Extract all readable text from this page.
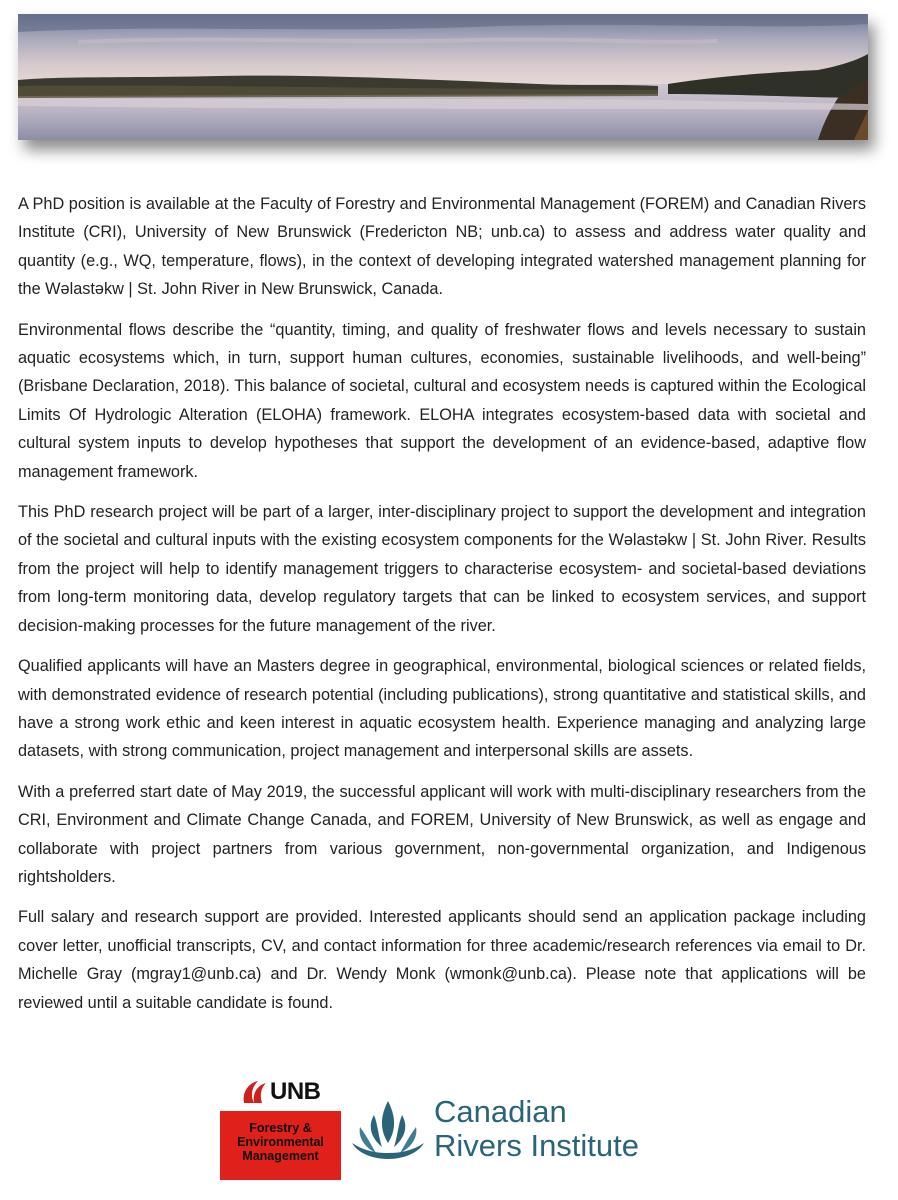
A PhD position is available at the Faculty of Forestry and Environmental Management (FOREM) and Canadian Rivers Institute (CRI), University of New Brunswick (Fredericton NB; unb.ca) to assess and address water quality and quantity (e.g., WQ, temperature, flows), in the context of developing integrated watershed management planning for the Wəlastəkw | St. John River in New Brunswick, Canada.

Environmental flows describe the “quantity, timing, and quality of freshwater flows and levels necessary to sustain aquatic ecosystems which, in turn, support human cultures, economies, sustainable livelihoods, and well-being” (Brisbane Declaration, 2018). This balance of societal, cultural and ecosystem needs is captured within the Ecological Limits Of Hydrologic Alteration (ELOHA) framework. ELOHA integrates ecosystem-based data with societal and cultural system inputs to develop hypotheses that support the development of an evidence-based, adaptive flow management framework.

This PhD research project will be part of a larger, inter-disciplinary project to support the development and integration of the societal and cultural inputs with the existing ecosystem components for the Wəlastəkw | St. John River. Results from the project will help to identify management triggers to characterise ecosystem- and societal-based deviations from long-term monitoring data, develop regulatory targets that can be linked to ecosystem services, and support decision-making processes for the future management of the river.

Qualified applicants will have an Masters degree in geographical, environmental, biological sciences or related fields, with demonstrated evidence of research potential (including publications), strong quantitative and statistical skills, and have a strong work ethic and keen interest in aquatic ecosystem health. Experience managing and analyzing large datasets, with strong communication, project management and interpersonal skills are assets.

With a preferred start date of May 2019, the successful applicant will work with multi-disciplinary researchers from the CRI, Environment and Climate Change Canada, and FOREM, University of New Brunswick, as well as engage and collaborate with project partners from various government, non-governmental organization, and Indigenous rightsholders.

Full salary and research support are provided. Interested applicants should send an application package including cover letter, unofficial transcripts, CV, and contact information for three academic/research references via email to Dr. Michelle Gray (mgray1@unb.ca) and Dr. Wendy Monk (wmonk@unb.ca). Please note that applications will be reviewed until a suitable candidate is found.

UNB
Forestry &
Environmental
Management
Canadian
Rivers Institute
